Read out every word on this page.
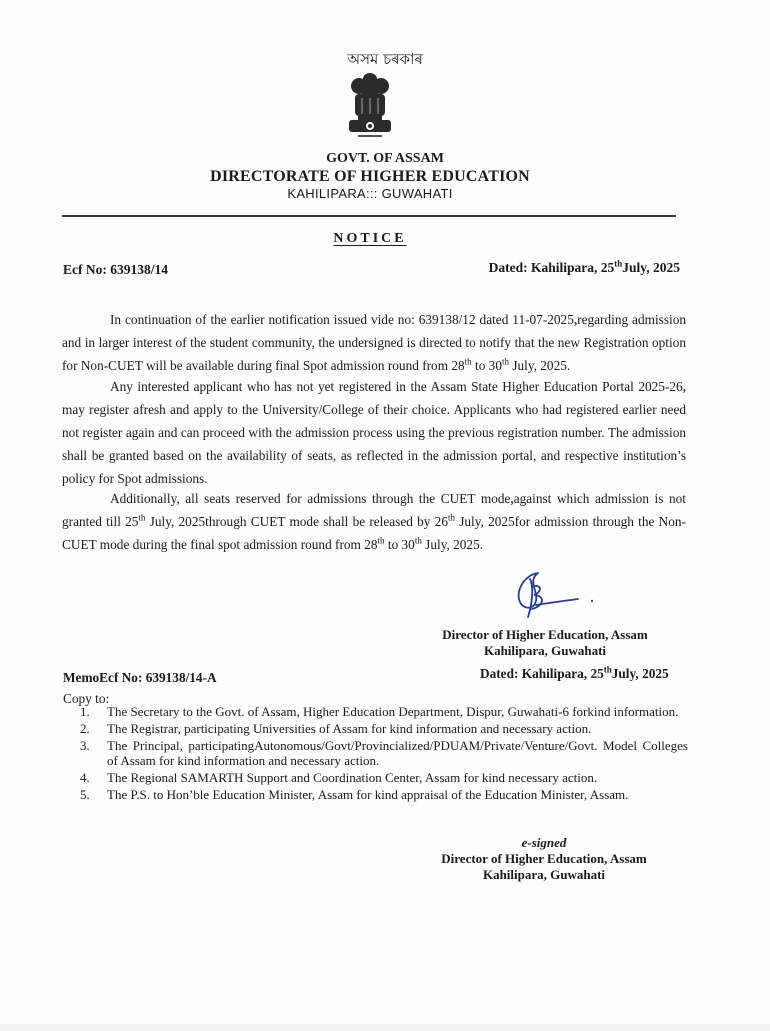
অসম চৰকাৰ
GOVT. OF ASSAM
DIRECTORATE OF HIGHER EDUCATION
KAHILIPARA::: GUWAHATI
NOTICE
Ecf No: 639138/14	Dated: Kahilipara, 25thJuly, 2025

In continuation of the earlier notification issued vide no: 639138/12 dated 11-07-2025,regarding admission and in larger interest of the student community, the undersigned is directed to notify that the new Registration option for Non-CUET will be available during final Spot admission round from 28th to 30th July, 2025.

Any interested applicant who has not yet registered in the Assam State Higher Education Portal 2025-26, may register afresh and apply to the University/College of their choice. Applicants who had registered earlier need not register again and can proceed with the admission process using the previous registration number. The admission shall be granted based on the availability of seats, as reflected in the admission portal, and respective institution’s policy for Spot admissions.

Additionally, all seats reserved for admissions through the CUET mode,against which admission is not granted till 25th July, 2025through CUET mode shall be released by 26th July, 2025for admission through the Non-CUET mode during the final spot admission round from 28th to 30th July, 2025.

Director of Higher Education, Assam
Kahilipara, Guwahati
MemoEcf No: 639138/14-A	Dated: Kahilipara, 25thJuly, 2025
Copy to:
1. The Secretary to the Govt. of Assam, Higher Education Department, Dispur, Guwahati-6 forkind information.
2. The Registrar, participating Universities of Assam for kind information and necessary action.
3. The Principal, participatingAutonomous/Govt/Provincialized/PDUAM/Private/Venture/Govt. Model Colleges of Assam for kind information and necessary action.
4. The Regional SAMARTH Support and Coordination Center, Assam for kind necessary action.
5. The P.S. to Hon’ble Education Minister, Assam for kind appraisal of the Education Minister, Assam.
e-signed
Director of Higher Education, Assam
Kahilipara, Guwahati
